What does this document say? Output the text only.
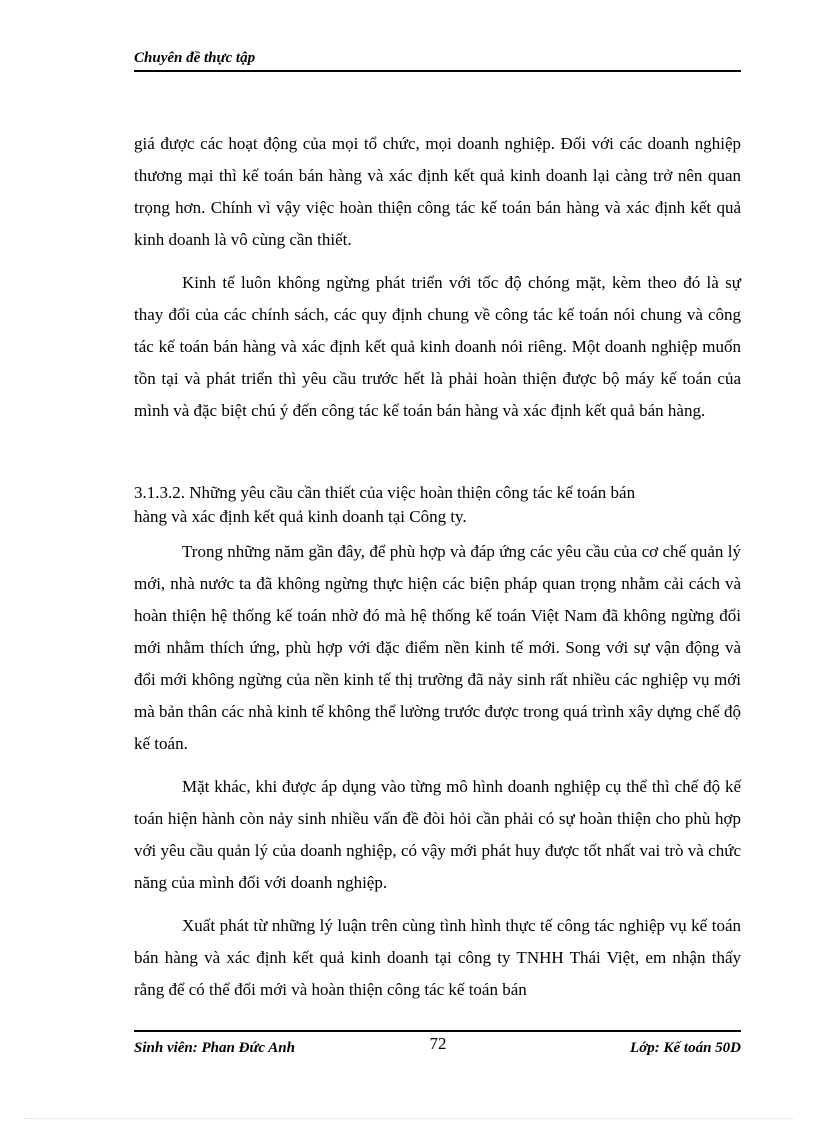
Chuyên đề thực tập

giá được các hoạt động của mọi tổ chức, mọi doanh nghiệp. Đối với các doanh nghiệp thương mại thì kế toán bán hàng và xác định kết quả kinh doanh lại càng trở nên quan trọng hơn. Chính vì vậy việc hoàn thiện công tác kế toán bán hàng và xác định kết quả kinh doanh là vô cùng cần thiết.

Kinh tế luôn không ngừng phát triển với tốc độ chóng mặt, kèm theo đó là sự thay đổi của các chính sách, các quy định chung về công tác kế toán nói chung và công tác kế toán bán hàng và xác định kết quả kinh doanh nói riêng. Một doanh nghiệp muốn tồn tại và phát triển thì yêu cầu trước hết là phải hoàn thiện được bộ máy kế toán của mình và đặc biệt chú ý đến công tác kế toán bán hàng và xác định kết quả bán hàng.

3.1.3.2. Những yêu cầu cần thiết của việc hoàn thiện công tác kế toán bán

hàng và xác định kết quả kinh doanh tại Công ty.

Trong những năm gần đây, để phù hợp và đáp ứng các yêu cầu của cơ chế quản lý mới, nhà nước ta đã không ngừng thực hiện các biện pháp quan trọng nhằm cải cách và hoàn thiện hệ thống kế toán nhờ đó mà hệ thống kế toán Việt Nam đã không ngừng đổi mới nhằm thích ứng, phù hợp với đặc điểm nền kinh tế mới. Song với sự vận động và đổi mới không ngừng của nền kinh tế thị trường đã nảy sinh rất nhiều các nghiệp vụ mới mà bản thân các nhà kinh tế không thể lường trước được trong quá trình xây dựng chế độ kế toán.

Mặt khác, khi được áp dụng vào từng mô hình doanh nghiệp cụ thể thì chế độ kế toán hiện hành còn nảy sinh nhiều vấn đề đòi hỏi cần phải có sự hoàn thiện cho phù hợp với yêu cầu quản lý của doanh nghiệp, có vậy mới phát huy được tốt nhất vai trò và chức năng của mình đối với doanh nghiệp.

Xuất phát từ những lý luận trên cùng tình hình thực tế công tác nghiệp vụ kế toán bán hàng và xác định kết quả kinh doanh tại công ty TNHH Thái Việt, em nhận thấy rằng để có thể đổi mới và hoàn thiện công tác kế toán bán

Sinh viên: Phan Đức Anh	72	Lớp: Kế toán 50D
